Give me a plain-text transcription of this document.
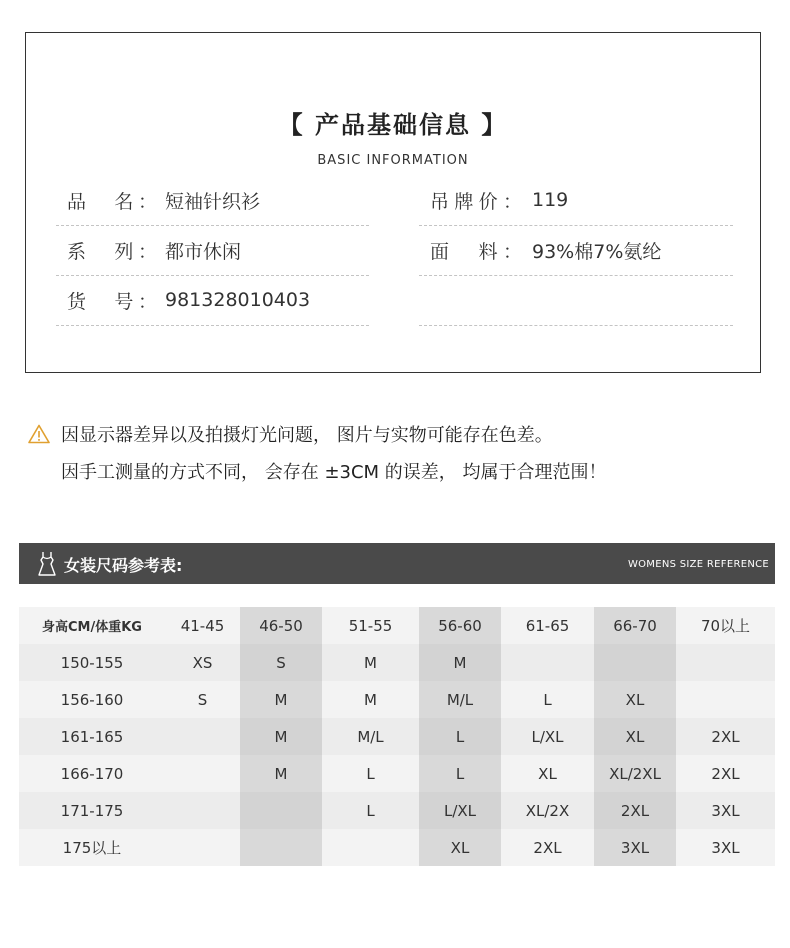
【 产品基础信息 】
BASIC INFORMATION
品　名： 短袖针织衫
系　列： 都市休闲
货　号： 981328010403
吊牌价： 119
面　料： 93%棉7%氨纶
因显示器差异以及拍摄灯光问题， 图片与实物可能存在色差。
因手工测量的方式不同， 会存在 ±3CM 的误差， 均属于合理范围！
女装尺码参考表:	WOMENS SIZE REFERENCE
身高CM/体重KG	41-45	46-50	51-55	56-60	61-65	66-70	70以上
150-155	XS	S	M	M			
156-160	S	M	M	M/L	L	XL	
161-165		M	M/L	L	L/XL	XL	2XL
166-170		M	L	L	XL	XL/2XL	2XL
171-175			L	L/XL	XL/2X	2XL	3XL
175以上				XL	2XL	3XL	3XL
